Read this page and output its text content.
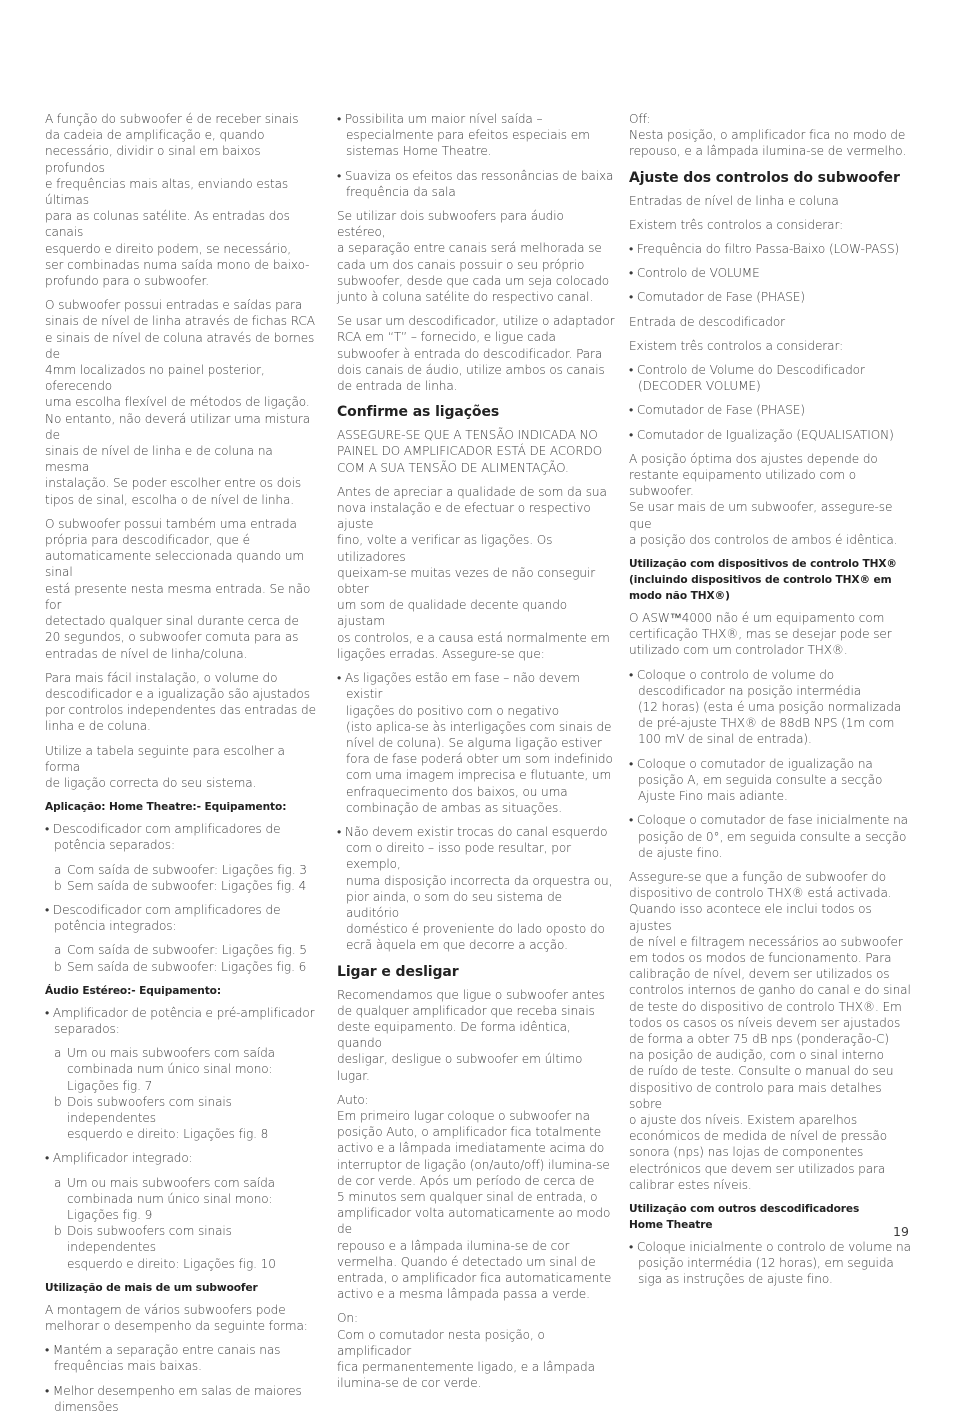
A função do subwoofer é de receber sinais
da cadeia de amplificação e, quando
necessário, dividir o sinal em baixos profundos
e frequências mais altas, enviando estas últimas
para as colunas satélite. As entradas dos canais
esquerdo e direito podem, se necessário,
ser combinadas numa saída mono de baixo-
profundo para o subwoofer.

O subwoofer possui entradas e saídas para
sinais de nível de linha através de fichas RCA
e sinais de nível de coluna através de bornes de
4mm localizados no painel posterior, oferecendo
uma escolha flexível de métodos de ligação.
No entanto, não deverá utilizar uma mistura de
sinais de nível de linha e de coluna na mesma
instalação. Se poder escolher entre os dois
tipos de sinal, escolha o de nível de linha.

O subwoofer possui também uma entrada
própria para descodificador, que é
automaticamente seleccionada quando um sinal
está presente nesta mesma entrada. Se não for
detectado qualquer sinal durante cerca de
20 segundos, o subwoofer comuta para as
entradas de nível de linha/coluna.

Para mais fácil instalação, o volume do
descodificador e a igualização são ajustados
por controlos independentes das entradas de
linha e de coluna.

Utilize a tabela seguinte para escolher a forma
de ligação correcta do seu sistema.

Aplicação: Home Theatre:- Equipamento:
• Descodificador com amplificadores de
potência separados:
a Com saída de subwoofer: Ligações fig. 3
b Sem saída de subwoofer: Ligações fig. 4
• Descodificador com amplificadores de
potência integrados:
a Com saída de subwoofer: Ligações fig. 5
b Sem saída de subwoofer: Ligações fig. 6
Áudio Estéreo:- Equipamento:
• Amplificador de potência e pré-amplificador
separados:
a Um ou mais subwoofers com saída
combinada num único sinal mono:
Ligações fig. 7
b Dois subwoofers com sinais independentes
esquerdo e direito: Ligações fig. 8
• Amplificador integrado:
a Um ou mais subwoofers com saída
combinada num único sinal mono:
Ligações fig. 9
b Dois subwoofers com sinais independentes
esquerdo e direito: Ligações fig. 10
Utilização de mais de um subwoofer

A montagem de vários subwoofers pode
melhorar o desempenho da seguinte forma:

• Mantém a separação entre canais nas
frequências mais baixas.
• Melhor desempenho em salas de maiores
dimensões
• Possibilita um maior nível saída –
especialmente para efeitos especiais em
sistemas Home Theatre.
• Suaviza os efeitos das ressonâncias de baixa
frequência da sala

Se utilizar dois subwoofers para áudio estéreo,
a separação entre canais será melhorada se
cada um dos canais possuir o seu próprio
subwoofer, desde que cada um seja colocado
junto à coluna satélite do respectivo canal.

Se usar um descodificador, utilize o adaptador
RCA em “T” – fornecido, e ligue cada
subwoofer à entrada do descodificador. Para
dois canais de áudio, utilize ambos os canais
de entrada de linha.

Confirme as ligações

ASSEGURE-SE QUE A TENSÃO INDICADA NO
PAINEL DO AMPLIFICADOR ESTÁ DE ACORDO
COM A SUA TENSÃO DE ALIMENTAÇÃO.

Antes de apreciar a qualidade de som da sua
nova instalação e de efectuar o respectivo ajuste
fino, volte a verificar as ligações. Os utilizadores
queixam-se muitas vezes de não conseguir obter
um som de qualidade decente quando ajustam
os controlos, e a causa está normalmente em
ligações erradas. Assegure-se que:

• As ligações estão em fase – não devem existir
ligações do positivo com o negativo
(isto aplica-se às interligações com sinais de
nível de coluna). Se alguma ligação estiver
fora de fase poderá obter um som indefinido
com uma imagem imprecisa e flutuante, um
enfraquecimento dos baixos, ou uma
combinação de ambas as situações.
• Não devem existir trocas do canal esquerdo
com o direito – isso pode resultar, por exemplo,
numa disposição incorrecta da orquestra ou,
pior ainda, o som do seu sistema de auditório
doméstico é proveniente do lado oposto do
ecrã àquela em que decorre a acção.
Ligar e desligar

Recomendamos que ligue o subwoofer antes
de qualquer amplificador que receba sinais
deste equipamento. De forma idêntica, quando
desligar, desligue o subwoofer em último lugar.

Auto:
Em primeiro lugar coloque o subwoofer na
posição Auto, o amplificador fica totalmente
activo e a lâmpada imediatamente acima do
interruptor de ligação (on/auto/off) ilumina-se
de cor verde. Após um período de cerca de
5 minutos sem qualquer sinal de entrada, o
amplificador volta automaticamente ao modo de
repouso e a lâmpada ilumina-se de cor
vermelha. Quando é detectado um sinal de
entrada, o amplificador fica automaticamente
activo e a mesma lâmpada passa a verde.

On:
Com o comutador nesta posição, o amplificador
fica permanentemente ligado, e a lâmpada
ilumina-se de cor verde.

Off:
Nesta posição, o amplificador fica no modo de
repouso, e a lâmpada ilumina-se de vermelho.

Ajuste dos controlos do subwoofer

Entradas de nível de linha e coluna

Existem três controlos a considerar:

• Frequência do filtro Passa-Baixo (LOW-PASS)
• Controlo de VOLUME
• Comutador de Fase (PHASE)

Entrada de descodificador

Existem três controlos a considerar:

• Controlo de Volume do Descodificador
(DECODER VOLUME)
• Comutador de Fase (PHASE)
• Comutador de Igualização (EQUALISATION)

A posição óptima dos ajustes depende do
restante equipamento utilizado com o subwoofer.
Se usar mais de um subwoofer, assegure-se que
a posição dos controlos de ambos é idêntica.

Utilização com dispositivos de controlo THX®
(incluindo dispositivos de controlo THX® em
modo não THX®)

O ASW™4000 não é um equipamento com
certificação THX®, mas se desejar pode ser
utilizado com um controlador THX®.

• Coloque o controlo de volume do
descodificador na posição intermédia
(12 horas) (esta é uma posição normalizada
de pré-ajuste THX® de 88dB NPS (1m com
100 mV de sinal de entrada).
• Coloque o comutador de igualização na
posição A, em seguida consulte a secção
Ajuste Fino mais adiante.
• Coloque o comutador de fase inicialmente na
posição de 0°, em seguida consulte a secção
de ajuste fino.

Assegure-se que a função de subwoofer do
dispositivo de controlo THX® está activada.
Quando isso acontece ele inclui todos os ajustes
de nível e filtragem necessários ao subwoofer
em todos os modos de funcionamento. Para
calibração de nível, devem ser utilizados os
controlos internos de ganho do canal e do sinal
de teste do dispositivo de controlo THX®. Em
todos os casos os níveis devem ser ajustados
de forma a obter 75 dB nps (ponderação-C)
na posição de audição, com o sinal interno
de ruído de teste. Consulte o manual do seu
dispositivo de controlo para mais detalhes sobre
o ajuste dos níveis. Existem aparelhos
económicos de medida de nível de pressão
sonora (nps) nas lojas de componentes
electrónicos que devem ser utilizados para
calibrar estes níveis.

Utilização com outros descodificadores
Home Theatre
• Coloque inicialmente o controlo de volume na
posição intermédia (12 horas), em seguida
siga as instruções de ajuste fino.
19
